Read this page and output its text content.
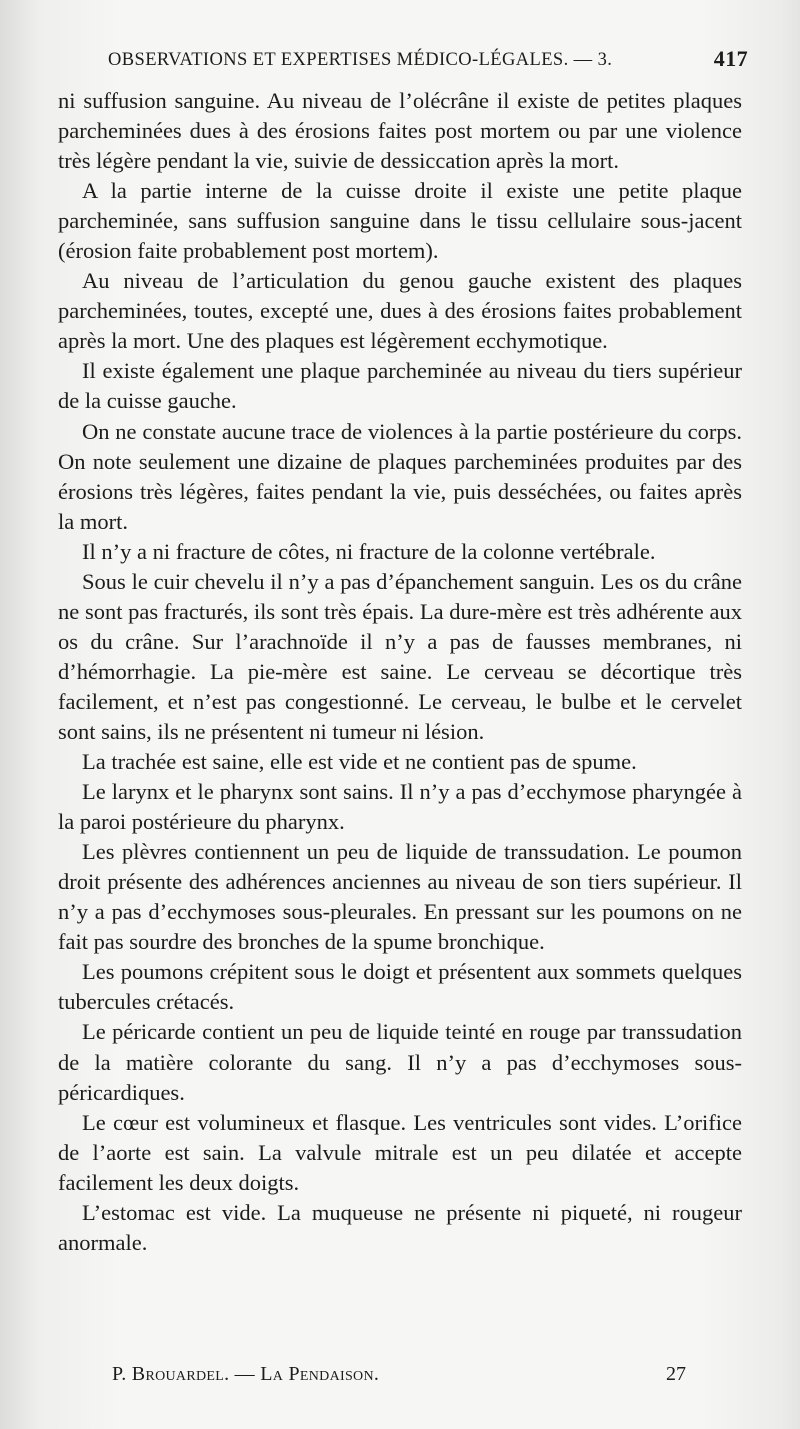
OBSERVATIONS ET EXPERTISES MÉDICO-LÉGALES. — 3.	417

ni suffusion sanguine. Au niveau de l’olécrâne il existe de petites plaques parcheminées dues à des érosions faites post mortem ou par une violence très légère pendant la vie, suivie de dessiccation après la mort.

A la partie interne de la cuisse droite il existe une petite plaque parcheminée, sans suffusion sanguine dans le tissu cellulaire sous-jacent (érosion faite probablement post mortem).

Au niveau de l’articulation du genou gauche existent des plaques parcheminées, toutes, excepté une, dues à des érosions faites probablement après la mort. Une des plaques est légèrement ecchymotique.

Il existe également une plaque parcheminée au niveau du tiers supérieur de la cuisse gauche.

On ne constate aucune trace de violences à la partie postérieure du corps. On note seulement une dizaine de plaques parcheminées produites par des érosions très légères, faites pendant la vie, puis desséchées, ou faites après la mort.

Il n’y a ni fracture de côtes, ni fracture de la colonne vertébrale.

Sous le cuir chevelu il n’y a pas d’épanchement sanguin. Les os du crâne ne sont pas fracturés, ils sont très épais. La dure-mère est très adhérente aux os du crâne. Sur l’arachnoïde il n’y a pas de fausses membranes, ni d’hémorrhagie. La pie-mère est saine. Le cerveau se décortique très facilement, et n’est pas congestionné. Le cerveau, le bulbe et le cervelet sont sains, ils ne présentent ni tumeur ni lésion.

La trachée est saine, elle est vide et ne contient pas de spume.

Le larynx et le pharynx sont sains. Il n’y a pas d’ecchymose pharyngée à la paroi postérieure du pharynx.

Les plèvres contiennent un peu de liquide de transsudation. Le poumon droit présente des adhérences anciennes au niveau de son tiers supérieur. Il n’y a pas d’ecchymoses sous-pleurales. En pressant sur les poumons on ne fait pas sourdre des bronches de la spume bronchique.

Les poumons crépitent sous le doigt et présentent aux sommets quelques tubercules crétacés.

Le péricarde contient un peu de liquide teinté en rouge par transsudation de la matière colorante du sang. Il n’y a pas d’ecchymoses sous-péricardiques.

Le cœur est volumineux et flasque. Les ventricules sont vides. L’orifice de l’aorte est sain. La valvule mitrale est un peu dilatée et accepte facilement les deux doigts.

L’estomac est vide. La muqueuse ne présente ni piqueté, ni rougeur anormale.

P. Brouardel. — La Pendaison.	27
